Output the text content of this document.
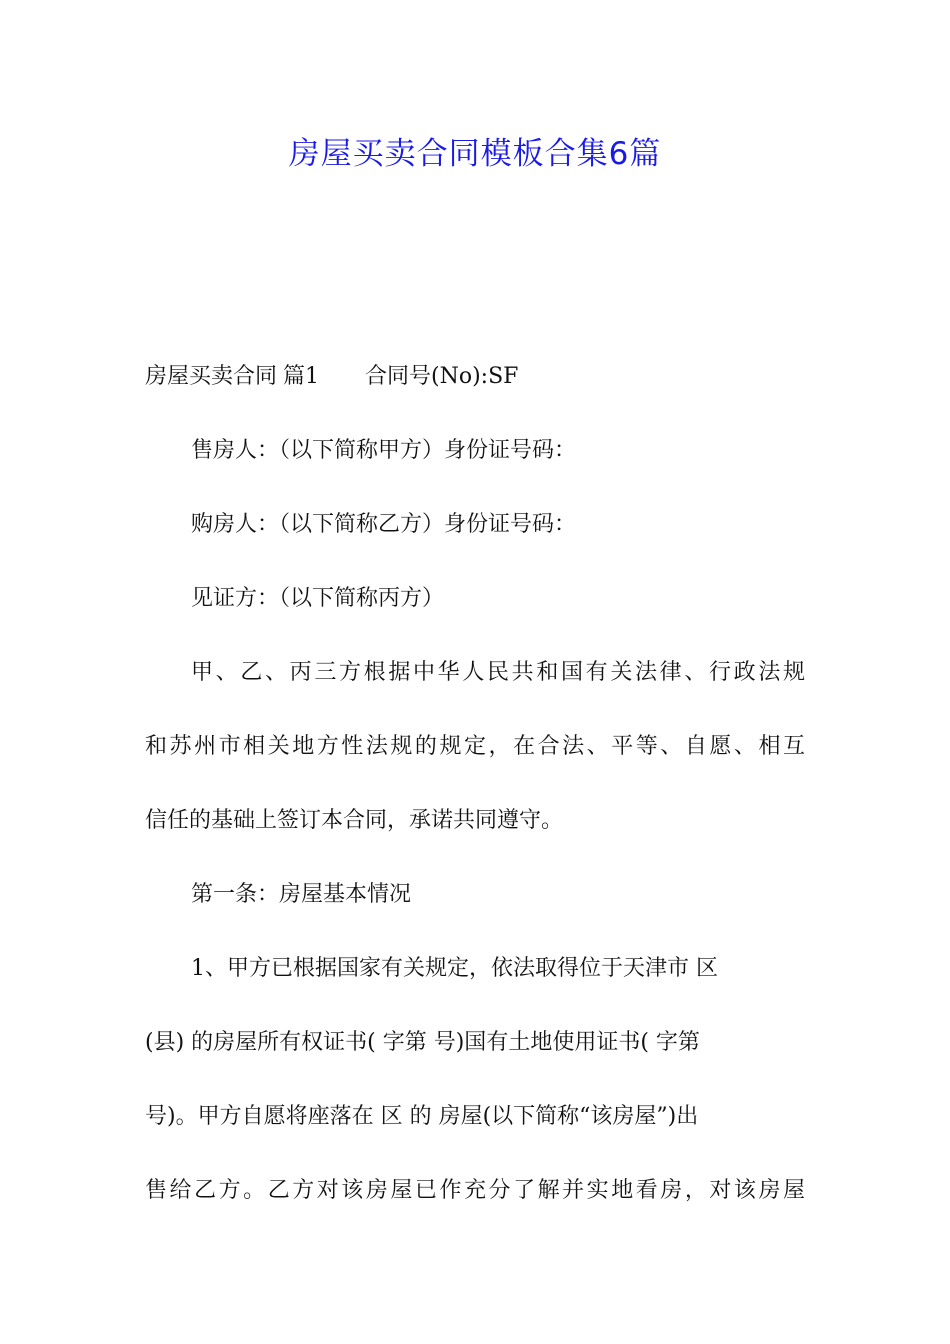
房屋买卖合同模板合集6篇
房屋买卖合同 篇1 合同号(No):SF
售房人：（以下简称甲方）身份证号码：
购房人：（以下简称乙方）身份证号码：
见证方：（以下简称丙方）
甲、乙、丙三方根据中华人民共和国有关法律、行政法规
和苏州市相关地方性法规的规定，在合法、平等、自愿、相互
信任的基础上签订本合同，承诺共同遵守。
第一条：房屋基本情况
1、甲方已根据国家有关规定，依法取得位于天津市 区
(县) 的房屋所有权证书( 字第 号)国有土地使用证书( 字第
号)。甲方自愿将座落在 区 的 房屋(以下简称“该房屋”)出
售给乙方。乙方对该房屋已作充分了解并实地看房，对该房屋
